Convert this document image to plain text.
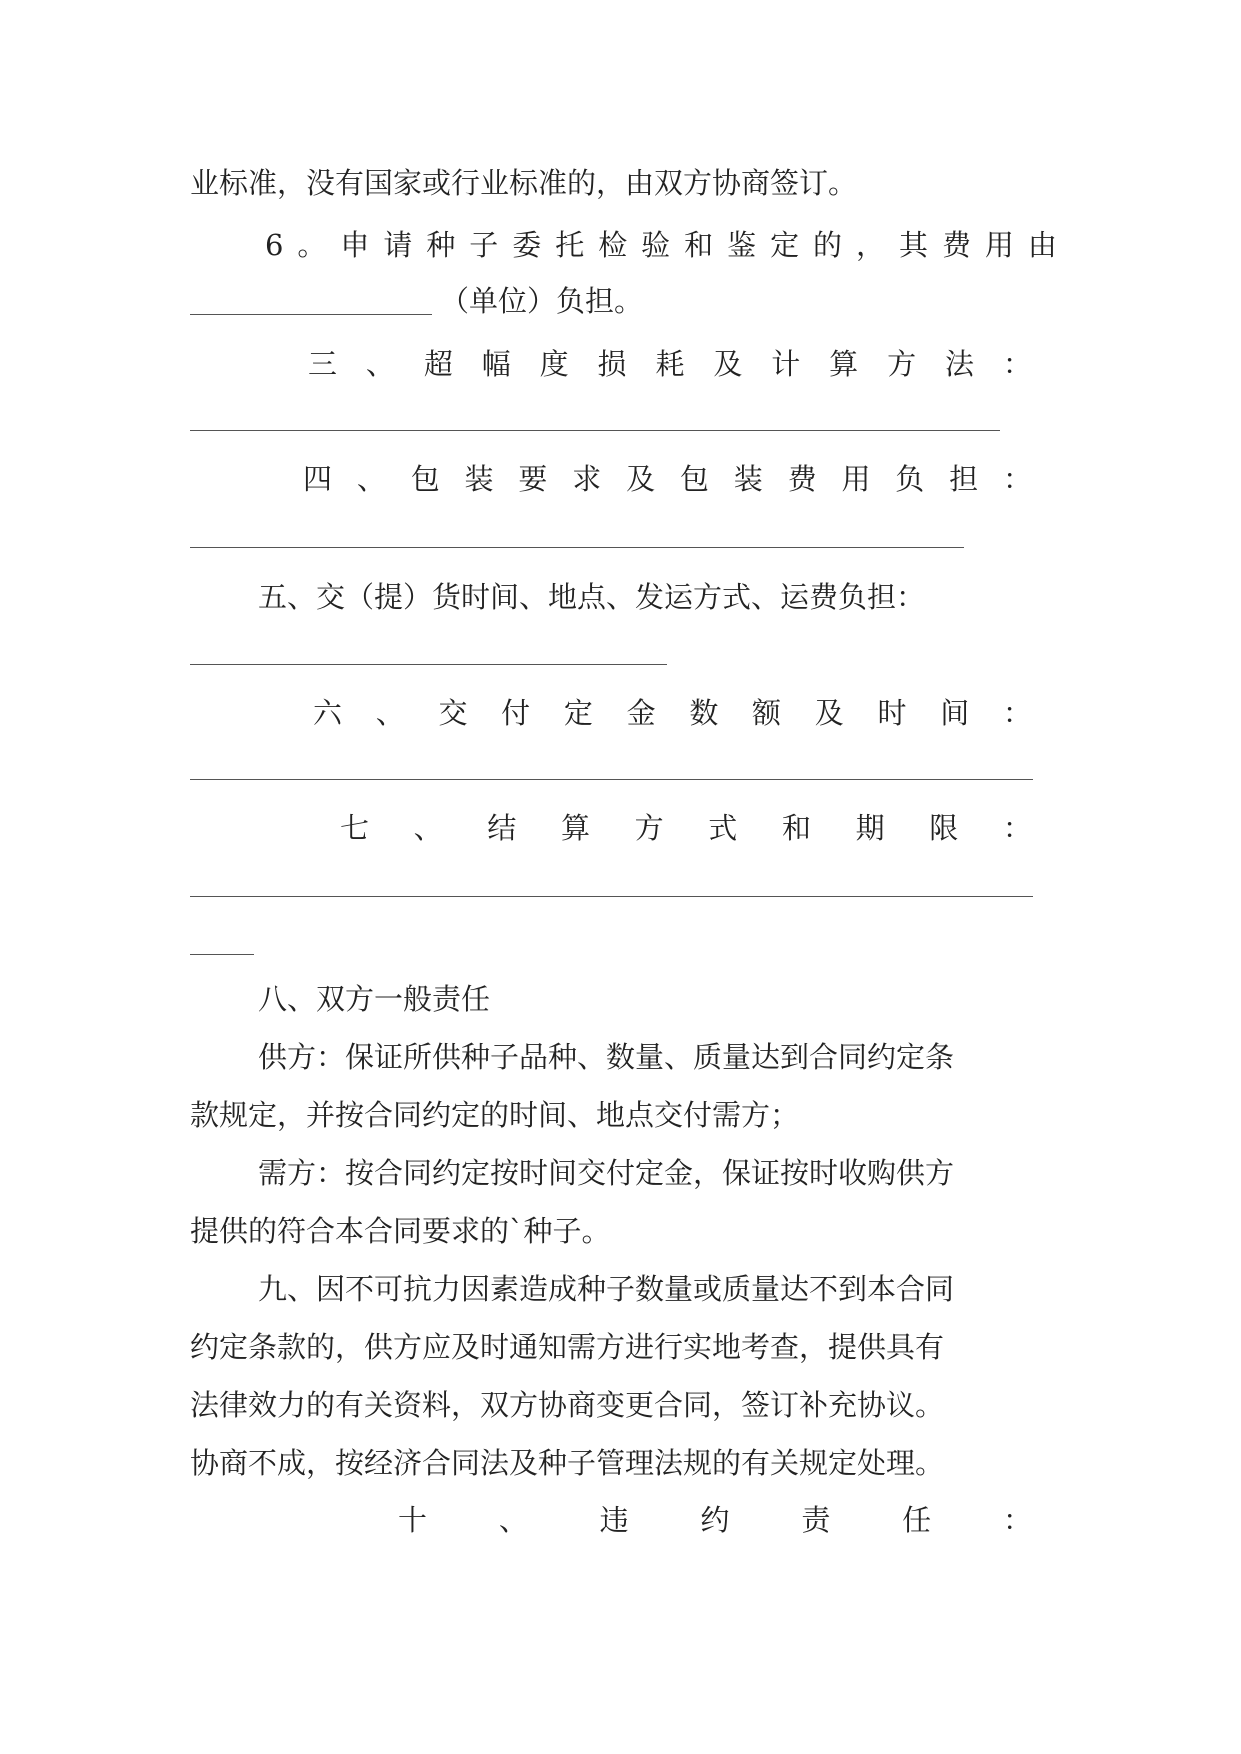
业标准，没有国家或行业标准的，由双方协商签订。
6 。 申 请 种 子 委 托 检 验 和 鉴 定 的 ， 其 费 用 由
（单位）负担。
三 、 超 幅 度 损 耗 及 计 算 方 法 ：
四 、 包 装 要 求 及 包 装 费 用 负 担 ：
五、交（提）货时间、地点、发运方式、运费负担：
六 、 交 付 定 金 数 额 及 时 间 ：
七 、 结 算 方 式 和 期 限 ：
八、双方一般责任
供方：保证所供种子品种、数量、质量达到合同约定条
款规定，并按合同约定的时间、地点交付需方；
需方：按合同约定按时间交付定金，保证按时收购供方
提供的符合本合同要求的`种子。
九、因不可抗力因素造成种子数量或质量达不到本合同
约定条款的，供方应及时通知需方进行实地考查，提供具有
法律效力的有关资料，双方协商变更合同，签订补充协议。
协商不成，按经济合同法及种子管理法规的有关规定处理。
十 、 违 约 责 任 ：
